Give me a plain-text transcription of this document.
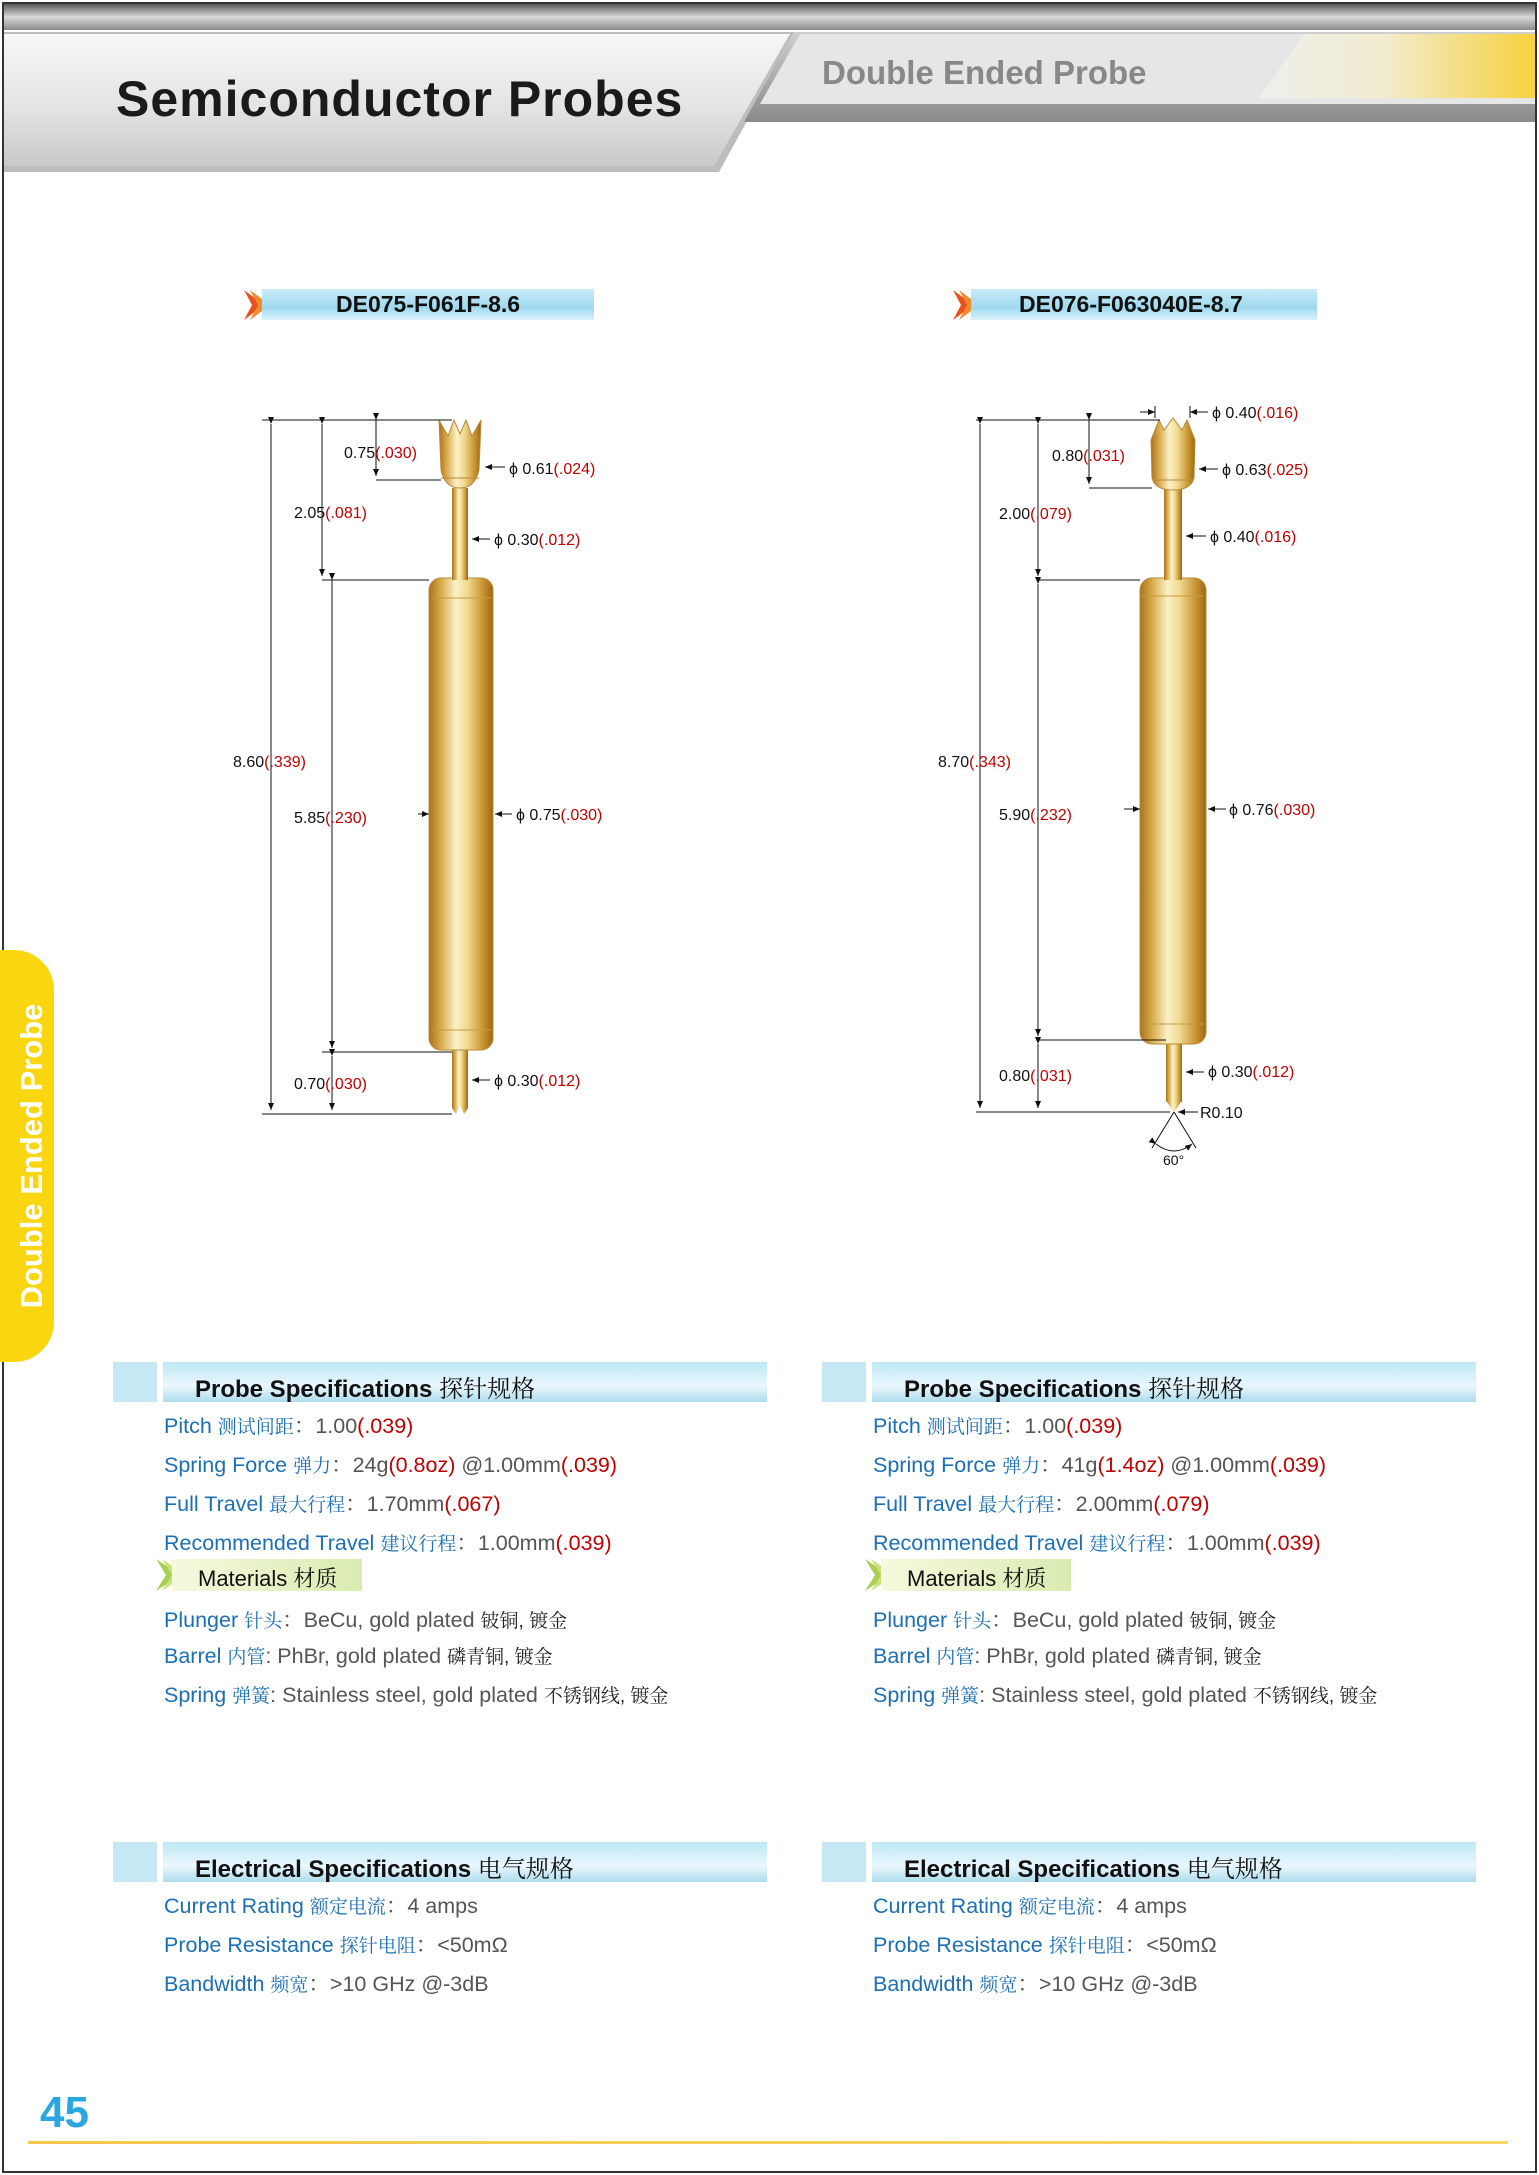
Semiconductor Probes	Double Ended Probe
Double Ended Probe
DE075-F061F-8.6	DE076-F063040E-8.7
0.75(.030)
2.05(.081)
8.60(.339)
5.85(.230)
0.70(.030)
ϕ 0.61(.024)
ϕ 0.30(.012)
ϕ 0.75(.030)
ϕ 0.30(.012)
ϕ 0.40(.016)
0.80(.031)
ϕ 0.63(.025)
2.00(.079)
ϕ 0.40(.016)
8.70(.343)
5.90(.232)	ϕ 0.76(.030)
ϕ 0.30(.012)
0.80(.031)
R0.10
60°
Probe Specifications 探针规格
Pitch 测试间距：1.00(.039)
Spring Force 弹力：24g(0.8oz) @1.00mm(.039)
Full Travel 最大行程：1.70mm(.067)
Recommended Travel 建议行程：1.00mm(.039)
Materials 材质
Plunger 针头：BeCu, gold plated 铍铜, 镀金
Barrel 内管: PhBr, gold plated 磷青铜, 镀金
Spring 弹簧: Stainless steel, gold plated 不锈钢线, 镀金
Electrical Specifications 电气规格
Current Rating 额定电流：4 amps
Probe Resistance 探针电阻：<50mΩ
Bandwidth 频宽：>10 GHz @-3dB
Probe Specifications 探针规格
Pitch 测试间距：1.00(.039)
Spring Force 弹力：41g(1.4oz) @1.00mm(.039)
Full Travel 最大行程：2.00mm(.079)
Recommended Travel 建议行程：1.00mm(.039)
Materials 材质
Plunger 针头：BeCu, gold plated 铍铜, 镀金
Barrel 内管: PhBr, gold plated 磷青铜, 镀金
Spring 弹簧: Stainless steel, gold plated 不锈钢线, 镀金
Electrical Specifications 电气规格
Current Rating 额定电流：4 amps
Probe Resistance 探针电阻：<50mΩ
Bandwidth 频宽：>10 GHz @-3dB
45
